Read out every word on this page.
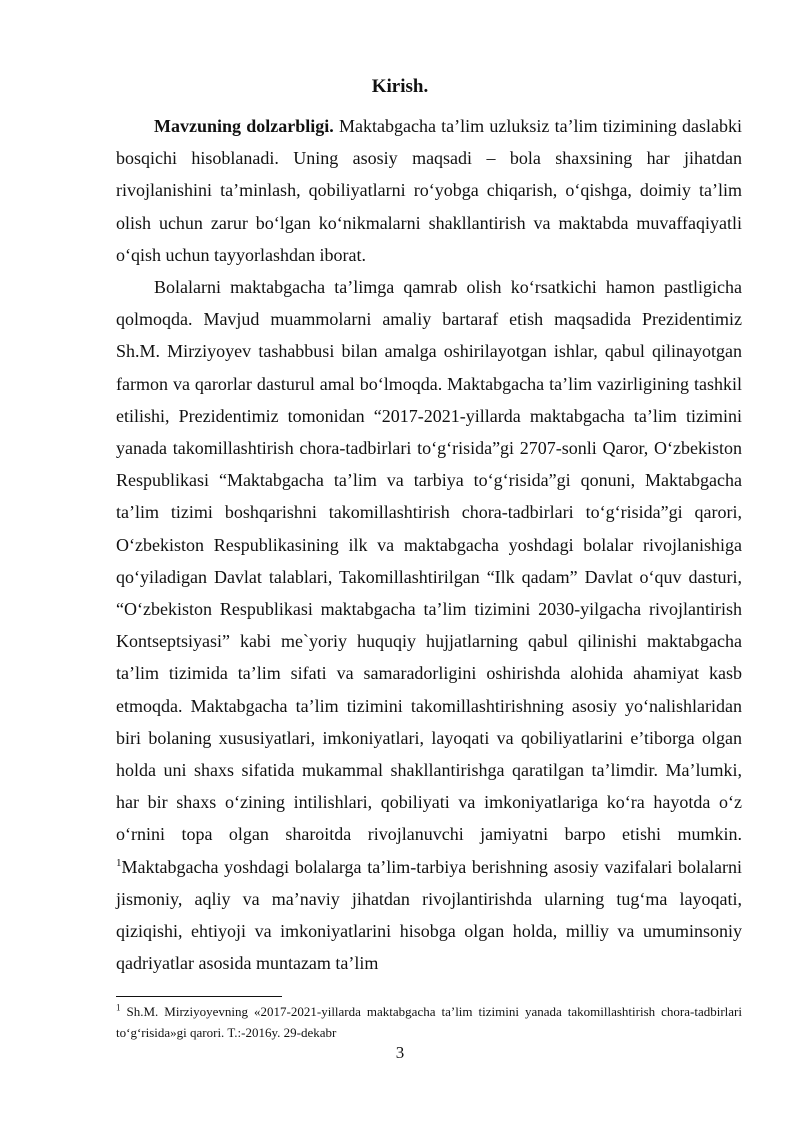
Kirish.

Mavzuning dolzarbligi. Maktabgacha ta’lim uzluksiz ta’lim tizimining daslabki bosqichi hisoblanadi. Uning asosiy maqsadi – bola shaxsining har jihatdan rivojlanishini ta’minlash, qobiliyatlarni ro‘yobga chiqarish, o‘qishga, doimiy ta’lim olish uchun zarur bo‘lgan ko‘nikmalarni shakllantirish va maktabda muvaffaqiyatli o‘qish uchun tayyorlashdan iborat.

Bolalarni maktabgacha ta’limga qamrab olish ko‘rsatkichi hamon pastligicha qolmoqda. Mavjud muammolarni amaliy bartaraf etish maqsadida Prezidentimiz Sh.M. Mirziyoyev tashabbusi bilan amalga oshirilayotgan ishlar, qabul qilinayotgan farmon va qarorlar dasturul amal bo‘lmoqda. Maktabgacha ta’lim vazirligining tashkil etilishi, Prezidentimiz tomonidan “2017-2021-yillarda maktabgacha ta’lim tizimini yanada takomillashtirish chora-tadbirlari to‘g‘risida”gi 2707-sonli Qaror, O‘zbekiston Respublikasi “Maktabgacha ta’lim va tarbiya to‘g‘risida”gi qonuni, Maktabgacha ta’lim tizimi boshqarishni takomillashtirish chora-tadbirlari to‘g‘risida”gi qarori, O‘zbekiston Respublikasining ilk va maktabgacha yoshdagi bolalar rivojlanishiga qo‘yiladigan Davlat talablari, Takomillashtirilgan “Ilk qadam” Davlat o‘quv dasturi, “O‘zbekiston Respublikasi maktabgacha ta’lim tizimini 2030-yilgacha rivojlantirish Kontseptsiyasi” kabi me`yoriy huquqiy hujjatlarning qabul qilinishi maktabgacha ta’lim tizimida ta’lim sifati va samaradorligini oshirishda alohida ahamiyat kasb etmoqda. Maktabgacha ta’lim tizimini takomillashtirishning asosiy yo‘nalishlaridan biri bolaning xususiyatlari, imkoniyatlari, layoqati va qobiliyatlarini e’tiborga olgan holda uni shaxs sifatida mukammal shakllantirishga qaratilgan ta’limdir. Ma’lumki, har bir shaxs o‘zining intilishlari, qobiliyati va imkoniyatlariga ko‘ra hayotda o‘z o‘rnini topa olgan sharoitda rivojlanuvchi jamiyatni barpo etishi mumkin. $^1$Maktabgacha yoshdagi bolalarga ta’lim-tarbiya berishning asosiy vazifalari bolalarni jismoniy, aqliy va ma’naviy jihatdan rivojlantirishda ularning tug‘ma layoqati, qiziqishi, ehtiyoji va imkoniyatlarini hisobga olgan holda, milliy va umuminsoniy qadriyatlar asosida muntazam ta’lim

$^1$ Sh.M. Mirziyoyevning «2017-2021-yillarda maktabgacha ta’lim tizimini yanada takomillashtirish chora-tadbirlari to‘g‘risida»gi qarori. T.:-2016y. 29-dekabr
3
